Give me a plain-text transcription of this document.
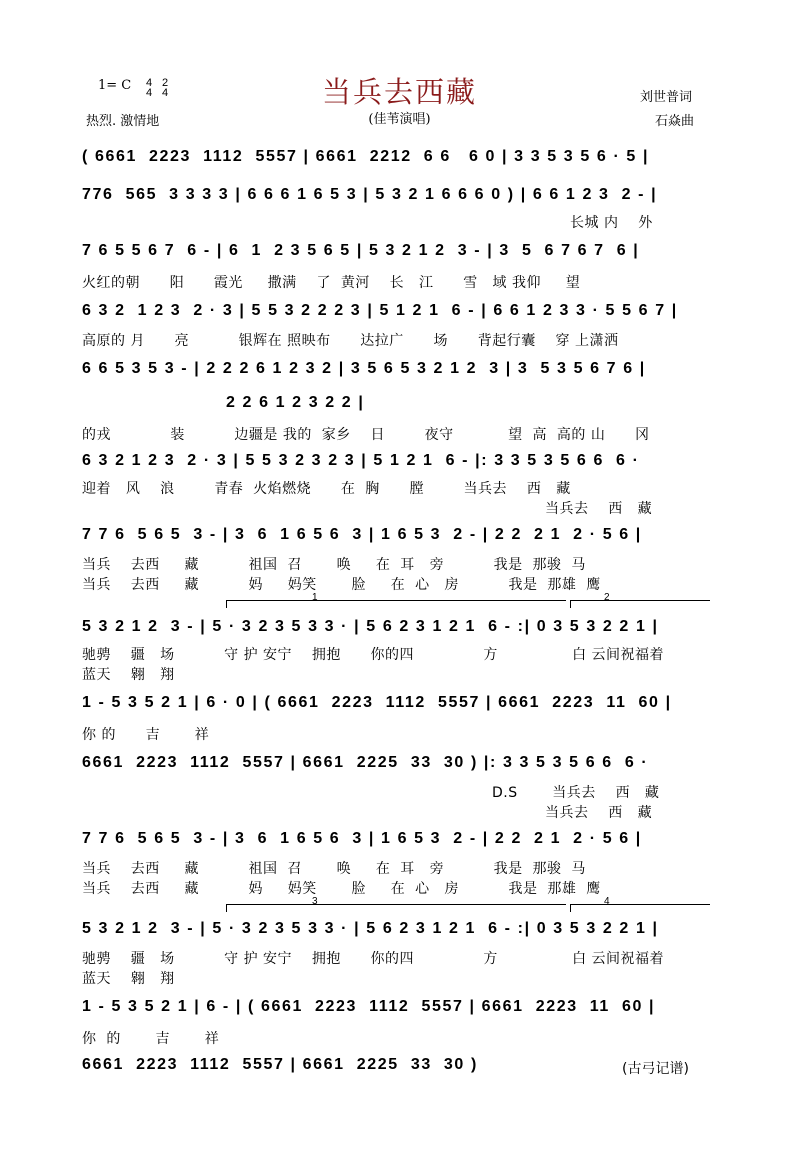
1= C 4
4
2
4
热烈. 激情地
当兵去西藏
(佳苇演唱)
刘世普词
石焱曲
( 6661  2223  1112  5557 | 6661  2212  6 6   6 0 | 3 3 5 3 5 6 · 5 |
776  565  3 3 3 3 | 6 6 6 1 6 5 3 | 5 3 2 1 6 6 6 0 ) | 6 6 1 2 3  2 - |
长城 内    外
7 6 5 5 6 7  6 - | 6  1  2 3 5 6 5 | 5 3 2 1 2  3 - | 3  5  6 7 6 7  6 |
火红的朝      阳      霞光     撒满    了  黄河    长   江      雪   域 我仰     望
6 3 2  1 2 3  2 · 3 | 5 5 3 2 2 2 3 | 5 1 2 1  6 - | 6 6 1 2 3 3 · 5 5 6 7 |
高原的 月      亮          银辉在 照映布      达拉广      场      背起行囊    穿 上潇洒
6 6 5 3 5 3 - | 2 2 2 6 1 2 3 2 | 3 5 6 5 3 2 1 2  3 | 3  5 3 5 6 7 6 |
2 2 6 1 2 3 2 2 |
的戎            装          边疆是 我的  家乡    日        夜守           望  高  高的 山      冈
6 3 2 1 2 3  2 · 3 | 5 5 3 2 3 2 3 | 5 1 2 1  6 - |: 3 3 5 3 5 6 6  6 ·
迎着   风    浪        青春  火焰燃烧      在  胸      膛        当兵去    西   藏
当兵去    西   藏
7 7 6  5 6 5  3 - | 3  6  1 6 5 6  3 | 1 6 5 3  2 - | 2 2  2 1  2 · 5 6 |
当兵    去西     藏          祖国  召       唤     在  耳   旁          我是  那骏  马
当兵    去西     藏          妈     妈笑       脸     在  心   房          我是  那雄  鹰
1	2
5 3 2 1 2  3 - | 5 · 3 2 3 5 3 3 · | 5 6 2 3 1 2 1  6 - :| 0 3 5 3 2 2 1 |
驰骋    疆   场          守 护 安宁    拥抱      你的四              方               白 云间祝福着
蓝天    翱   翔
1 - 5 3 5 2 1 | 6 · 0 | ( 6661  2223  1112  5557 | 6661  2223  11  60 |
你 的      吉       祥
6661  2223  1112  5557 | 6661  2225  33  30 ) |: 3 3 5 3 5 6 6  6 ·
D.S       当兵去    西   藏
当兵去    西   藏
7 7 6  5 6 5  3 - | 3  6  1 6 5 6  3 | 1 6 5 3  2 - | 2 2  2 1  2 · 5 6 |
当兵    去西     藏          祖国  召       唤     在  耳   旁          我是  那骏  马
当兵    去西     藏          妈     妈笑       脸     在  心   房          我是  那雄  鹰
3	4
5 3 2 1 2  3 - | 5 · 3 2 3 5 3 3 · | 5 6 2 3 1 2 1  6 - :| 0 3 5 3 2 2 1 |
驰骋    疆   场          守 护 安宁    拥抱      你的四              方               白 云间祝福着
蓝天    翱   翔
1 - 5 3 5 2 1 | 6 - | ( 6661  2223  1112  5557 | 6661  2223  11  60 |
你  的       吉       祥
6661  2223  1112  5557 | 6661  2225  33  30 )	(古弓记谱)
